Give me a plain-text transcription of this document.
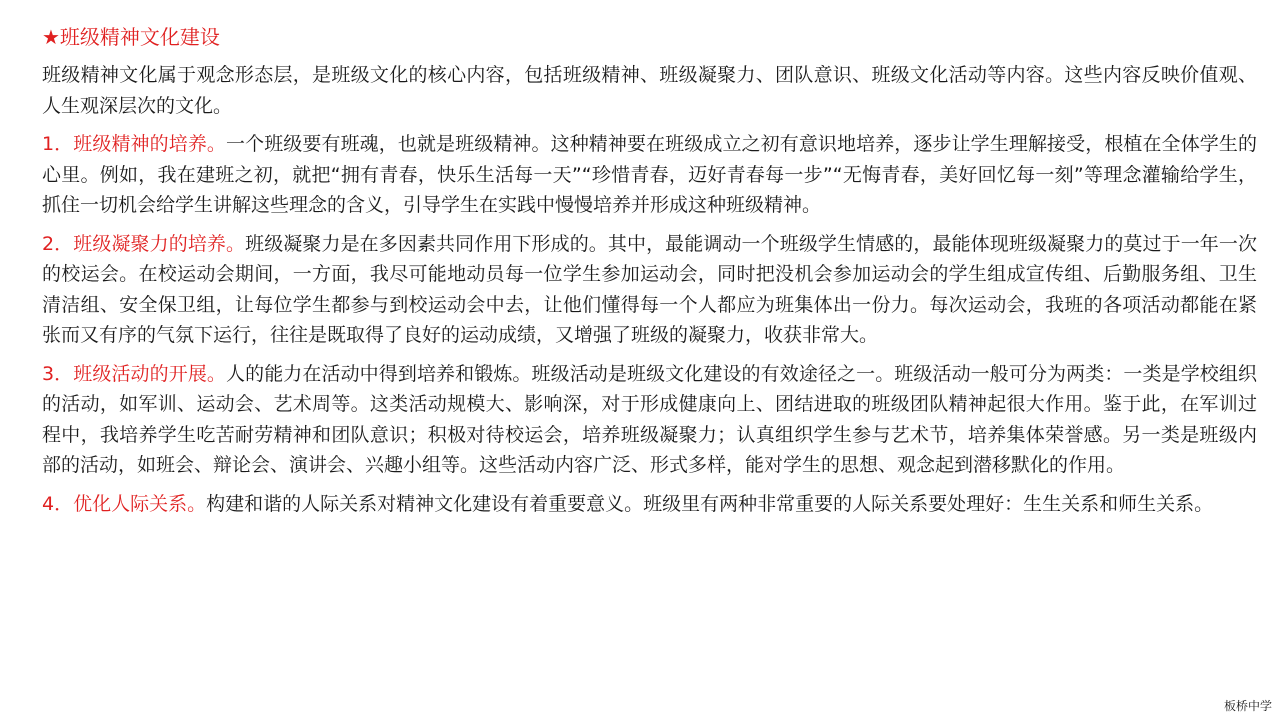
★班级精神文化建设

班级精神文化属于观念形态层，是班级文化的核心内容，包括班级精神、班级凝聚力、团队意识、班级文化活动等内容。这些内容反映价值观、人生观深层次的文化。

1．班级精神的培养。一个班级要有班魂，也就是班级精神。这种精神要在班级成立之初有意识地培养，逐步让学生理解接受，根植在全体学生的心里。例如，我在建班之初，就把“拥有青春，快乐生活每一天”“珍惜青春，迈好青春每一步”“无悔青春，美好回忆每一刻”等理念灌输给学生，抓住一切机会给学生讲解这些理念的含义，引导学生在实践中慢慢培养并形成这种班级精神。

2．班级凝聚力的培养。班级凝聚力是在多因素共同作用下形成的。其中，最能调动一个班级学生情感的，最能体现班级凝聚力的莫过于一年一次的校运会。在校运动会期间，一方面，我尽可能地动员每一位学生参加运动会，同时把没机会参加运动会的学生组成宣传组、后勤服务组、卫生清洁组、安全保卫组，让每位学生都参与到校运动会中去，让他们懂得每一个人都应为班集体出一份力。每次运动会，我班的各项活动都能在紧张而又有序的气氛下运行，往往是既取得了良好的运动成绩，又增强了班级的凝聚力，收获非常大。

3．班级活动的开展。人的能力在活动中得到培养和锻炼。班级活动是班级文化建设的有效途径之一。班级活动一般可分为两类：一类是学校组织的活动，如军训、运动会、艺术周等。这类活动规模大、影响深，对于形成健康向上、团结进取的班级团队精神起很大作用。鉴于此，在军训过程中，我培养学生吃苦耐劳精神和团队意识；积极对待校运会，培养班级凝聚力；认真组织学生参与艺术节，培养集体荣誉感。另一类是班级内部的活动，如班会、辩论会、演讲会、兴趣小组等。这些活动内容广泛、形式多样，能对学生的思想、观念起到潜移默化的作用。

4．优化人际关系。构建和谐的人际关系对精神文化建设有着重要意义。班级里有两种非常重要的人际关系要处理好：生生关系和师生关系。

板桥中学
